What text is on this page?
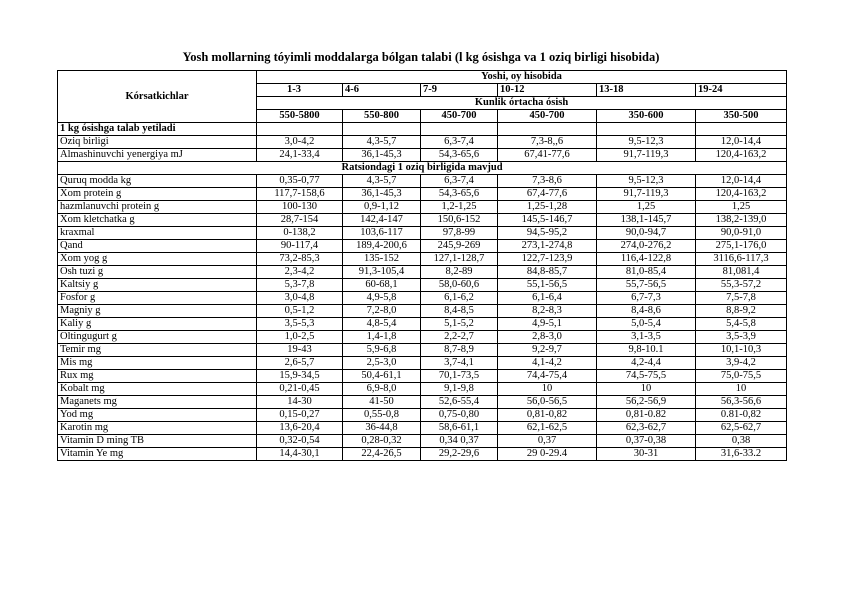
Yosh mollarning tóyimli moddalarga bólgan talabi (l kg ósishga va 1 oziq birligi hisobida)
Kórsatkichlar	Yoshi, oy hisobida					
	1-3	4-6	7-9	10-12	13-18	19-24
	Kunlik órtacha ósish					
	550-5800	550-800	450-700	450-700	350-600	350-500
1 kg ósishga talab yetiladi						
Oziq birligi	3,0-4,2	4,3-5,7	6,3-7,4	7,3-8,,6	9,5-12,3	12,0-14,4
Almashinuvchi yenergiya mJ	24,1-33,4	36,1-45,3	54,3-65,6	67,41-77,6	91,7-119,3	120,4-163,2
Ratsiondagi 1 oziq birligida mavjud						
Quruq modda kg	0,35-0,77	4,3-5,7	6,3-7,4	7,3-8,6	9,5-12,3	12,0-14,4
Xom protein g	117,7-158,6	36,1-45,3	54,3-65,6	67,4-77,6	91,7-119,3	120,4-163,2
hazmlanuvchi protein g	100-130	0,9-1,12	1,2-1,25	1,25-1,28	1,25	1,25
Xom kletchatka g	28,7-154	142,4-147	150,6-152	145,5-146,7	138,1-145,7	138,2-139,0
kraxmal	0-138,2	103,6-117	97,8-99	94,5-95,2	90,0-94,7	90,0-91,0
Qand	90-117,4	189,4-200,6	245,9-269	273,1-274,8	274,0-276,2	275,1-176,0
Xom yog g	73,2-85,3	135-152	127,1-128,7	122,7-123,9	116,4-122,8	3116,6-117,3
Osh tuzi g	2,3-4,2	91,3-105,4	8,2-89	84,8-85,7	81,0-85,4	81,081,4
Kaltsiy g	5,3-7,8	60-68,1	58,0-60,6	55,1-56,5	55,7-56,5	55,3-57,2
Fosfor g	3,0-4,8	4,9-5,8	6,1-6,2	6,1-6,4	6,7-7,3	7,5-7,8
Magniy g	0,5-1,2	7,2-8,0	8,4-8,5	8,2-8,3	8,4-8,6	8,8-9,2
Kaliy g	3,5-5,3	4,8-5,4	5,1-5,2	4,9-5,1	5,0-5,4	5,4-5,8
Oltingugurt g	1,0-2,5	1,4-1,8	2,2-2,7	2,8-3,0	3,1-3,5	3,5-3,9
Temir mg	19-43	5,9-6,8	8,7-8,9	9,2-9,7	9,8-10.1	10,1-10,3
Mis mg	2,6-5,7	2,5-3,0	3,7-4,1	4,1-4,2	4,2-4,4	3,9-4,2
Rux mg	15,9-34,5	50,4-61,1	70,1-73,5	74,4-75,4	74,5-75,5	75,0-75,5
Kobalt mg	0,21-0,45	6,9-8,0	9,1-9,8	10	10	10
Maganets mg	14-30	41-50	52,6-55,4	56,0-56,5	56,2-56,9	56,3-56,6
Yod mg	0,15-0,27	0,55-0,8	0,75-0,80	0,81-0,82	0,81-0.82	0.81-0,82
Karotin mg	13,6-20,4	36-44,8	58,6-61,1	62,1-62,5	62,3-62,7	62,5-62,7
Vitamin D ming TB	0,32-0,54	0,28-0,32	0,34 0,37	0,37	0,37-0,38	0,38
Vitamin Ye mg	14,4-30,1	22,4-26,5	29,2-29,6	29 0-29.4	30-31	31,6-33.2
